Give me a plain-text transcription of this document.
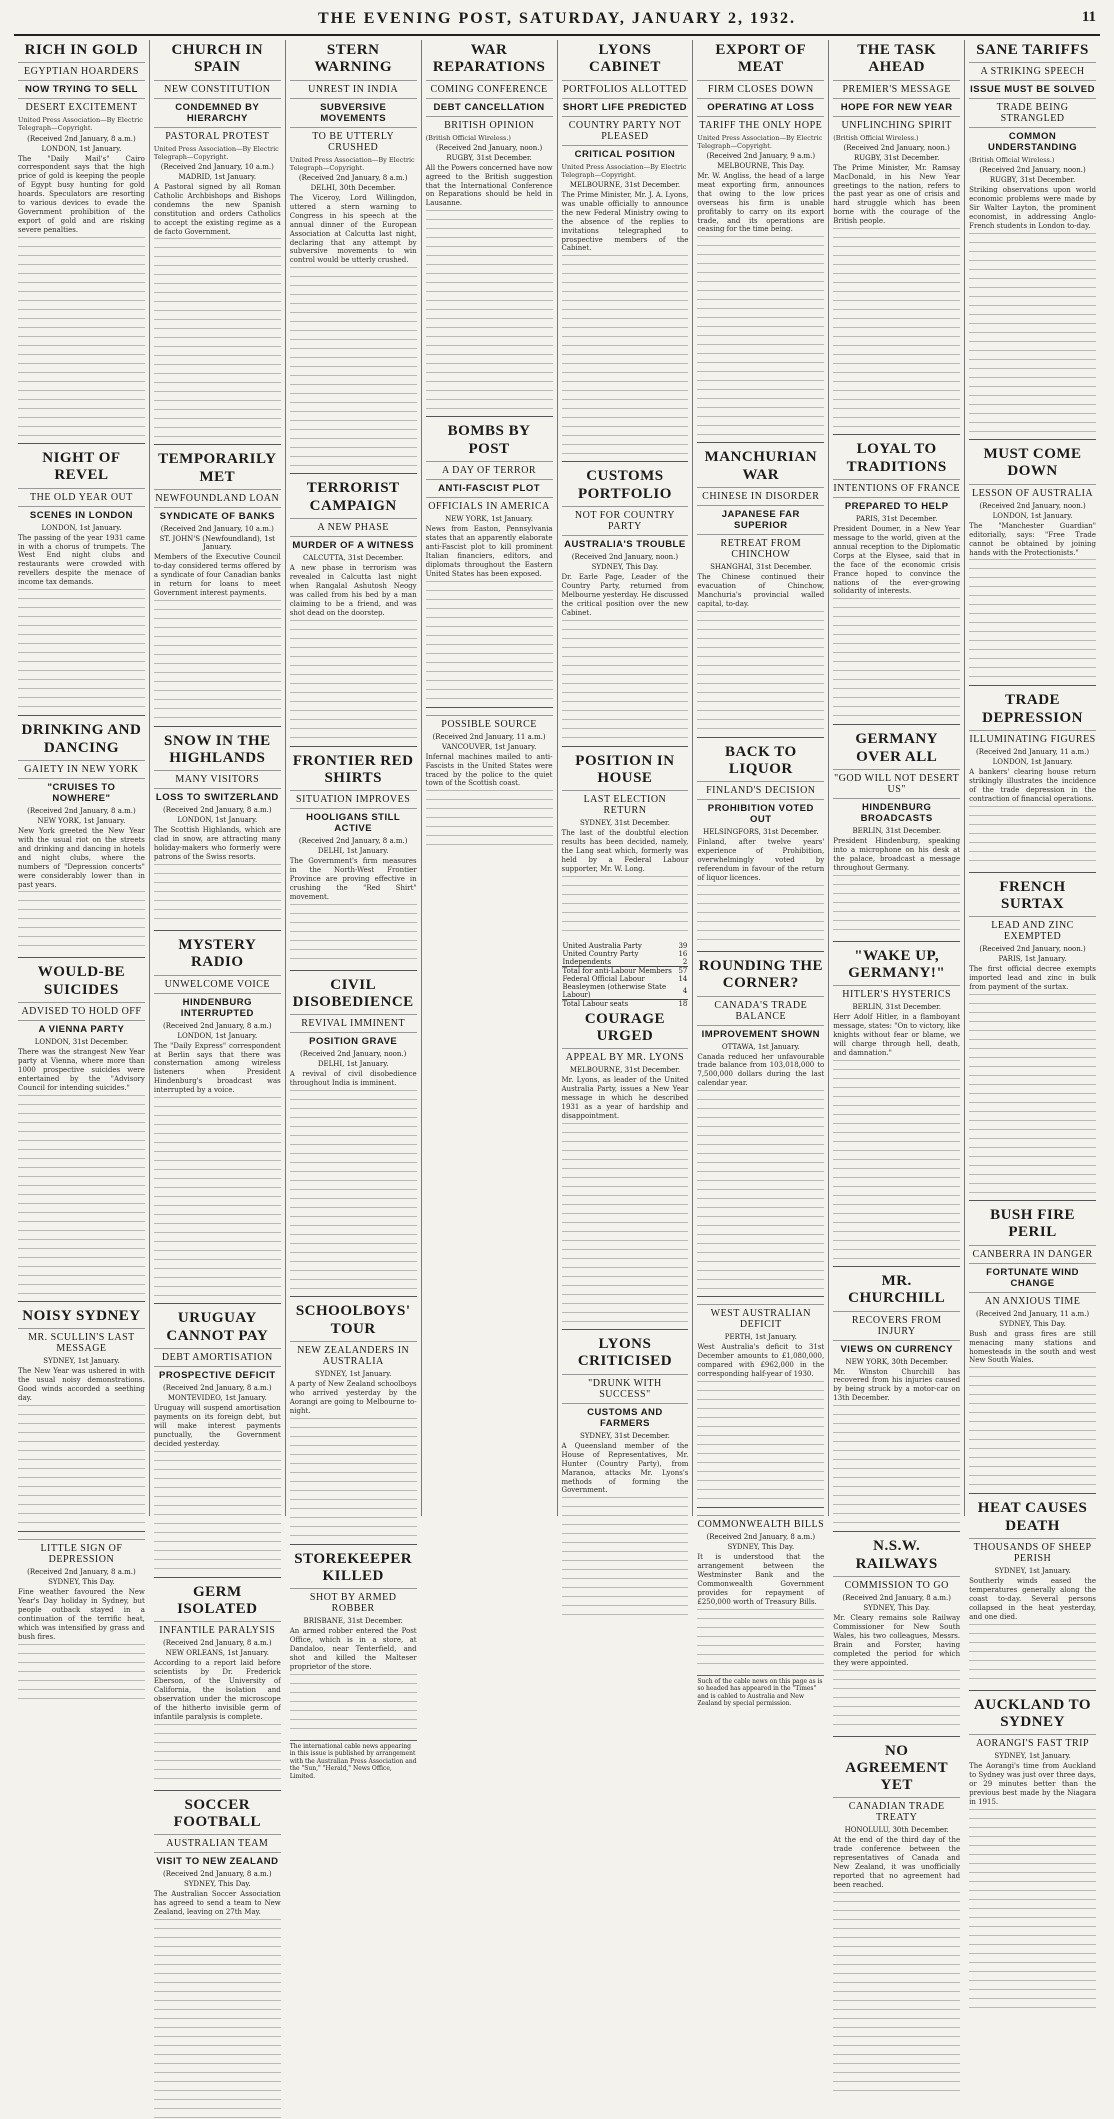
THE EVENING POST, SATURDAY, JANUARY 2, 1932.	11
RICH IN GOLD
EGYPTIAN HOARDERS
NOW TRYING TO SELL
DESERT EXCITEMENT
United Press Association—By Electric Telegraph—Copyright.
(Received 2nd January, 8 a.m.)
LONDON, 1st January.

The "Daily Mail's" Cairo correspondent says that the high price of gold is keeping the people of Egypt busy hunting for gold hoards. Speculators are resorting to various devices to evade the Government prohibition of the export of gold and are risking severe penalties.

NIGHT OF REVEL
THE OLD YEAR OUT
SCENES IN LONDON
LONDON, 1st January.

The passing of the year 1931 came in with a chorus of trumpets. The West End night clubs and restaurants were crowded with revellers despite the menace of income tax demands.

DRINKING AND DANCING
GAIETY IN NEW YORK
"CRUISES TO NOWHERE"
(Received 2nd January, 8 a.m.)
NEW YORK, 1st January.

New York greeted the New Year with the usual riot on the streets and drinking and dancing in hotels and night clubs, where the numbers of "Depression concerts" were considerably lower than in past years.

WOULD-BE SUICIDES
ADVISED TO HOLD OFF
A VIENNA PARTY
LONDON, 31st December.

There was the strangest New Year party at Vienna, where more than 1000 prospective suicides were entertained by the "Advisory Council for intending suicides."

NOISY SYDNEY
MR. SCULLIN'S LAST MESSAGE
SYDNEY, 1st January.

The New Year was ushered in with the usual noisy demonstrations. Good winds accorded a seething day.

LITTLE SIGN OF DEPRESSION
(Received 2nd January, 8 a.m.)
SYDNEY, This Day.

Fine weather favoured the New Year's Day holiday in Sydney, but people outback stayed in a continuation of the terrific heat, which was intensified by grass and bush fires.

CHURCH IN SPAIN
NEW CONSTITUTION
CONDEMNED BY HIERARCHY
PASTORAL PROTEST
United Press Association—By Electric Telegraph—Copyright.
(Received 2nd January, 10 a.m.)
MADRID, 1st January.

A Pastoral signed by all Roman Catholic Archbishops and Bishops condemns the new Spanish constitution and orders Catholics to accept the existing regime as a de facto Government.

TEMPORARILY MET
NEWFOUNDLAND LOAN
SYNDICATE OF BANKS
(Received 2nd January, 10 a.m.)
ST. JOHN'S (Newfoundland), 1st January.

Members of the Executive Council to-day considered terms offered by a syndicate of four Canadian banks in return for loans to meet Government interest payments.

SNOW IN THE HIGHLANDS
MANY VISITORS
LOSS TO SWITZERLAND
(Received 2nd January, 8 a.m.)
LONDON, 1st January.

The Scottish Highlands, which are clad in snow, are attracting many holiday-makers who formerly were patrons of the Swiss resorts.

MYSTERY RADIO
UNWELCOME VOICE
HINDENBURG INTERRUPTED
(Received 2nd January, 8 a.m.)
LONDON, 1st January.

The "Daily Express" correspondent at Berlin says that there was consternation among wireless listeners when President Hindenburg's broadcast was interrupted by a voice.

URUGUAY CANNOT PAY
DEBT AMORTISATION
PROSPECTIVE DEFICIT
(Received 2nd January, 8 a.m.)
MONTEVIDEO, 1st January.

Uruguay will suspend amortisation payments on its foreign debt, but will make interest payments punctually, the Government decided yesterday.

GERM ISOLATED
INFANTILE PARALYSIS
(Received 2nd January, 8 a.m.)
NEW ORLEANS, 1st January.

According to a report laid before scientists by Dr. Frederick Eberson, of the University of California, the isolation and observation under the microscope of the hitherto invisible germ of infantile paralysis is complete.

SOCCER FOOTBALL
AUSTRALIAN TEAM
VISIT TO NEW ZEALAND
(Received 2nd January, 8 a.m.)
SYDNEY, This Day.

The Australian Soccer Association has agreed to send a team to New Zealand, leaving on 27th May.

STERN WARNING
UNREST IN INDIA
SUBVERSIVE MOVEMENTS
TO BE UTTERLY CRUSHED
United Press Association—By Electric Telegraph—Copyright.
(Received 2nd January, 8 a.m.)
DELHI, 30th December.

The Viceroy, Lord Willingdon, uttered a stern warning to Congress in his speech at the annual dinner of the European Association at Calcutta last night, declaring that any attempt by subversive movements to win control would be utterly crushed.

TERRORIST CAMPAIGN
A NEW PHASE
MURDER OF A WITNESS
CALCUTTA, 31st December.

A new phase in terrorism was revealed in Calcutta last night when Rangalal Ashutosh Neogy was called from his bed by a man claiming to be a friend, and was shot dead on the doorstep.

FRONTIER RED SHIRTS
SITUATION IMPROVES
HOOLIGANS STILL ACTIVE
(Received 2nd January, 8 a.m.)
DELHI, 1st January.

The Government's firm measures in the North-West Frontier Province are proving effective in crushing the "Red Shirt" movement.

CIVIL DISOBEDIENCE
REVIVAL IMMINENT
POSITION GRAVE
(Received 2nd January, noon.)
DELHI, 1st January.

A revival of civil disobedience throughout India is imminent.

SCHOOLBOYS' TOUR
NEW ZEALANDERS IN AUSTRALIA
SYDNEY, 1st January.

A party of New Zealand schoolboys who arrived yesterday by the Aorangi are going to Melbourne to-night.

STOREKEEPER KILLED
SHOT BY ARMED ROBBER
BRISBANE, 31st December.

An armed robber entered the Post Office, which is in a store, at Dandaloo, near Tenterfield, and shot and killed the Malteser proprietor of the store.

The international cable news appearing in this issue is published by arrangement with the Australian Press Association and the "Sun," "Herald," News Office, Limited.
WAR REPARATIONS
COMING CONFERENCE
DEBT CANCELLATION
BRITISH OPINION
(British Official Wireless.)
(Received 2nd January, noon.)
RUGBY, 31st December.

All the Powers concerned have now agreed to the British suggestion that the International Conference on Reparations should be held in Lausanne.

BOMBS BY POST
A DAY OF TERROR
ANTI-FASCIST PLOT
OFFICIALS IN AMERICA
NEW YORK, 1st January.

News from Easton, Pennsylvania states that an apparently elaborate anti-Fascist plot to kill prominent Italian financiers, editors, and diplomats throughout the Eastern United States has been exposed.

POSSIBLE SOURCE
(Received 2nd January, 11 a.m.)
VANCOUVER, 1st January.

Infernal machines mailed to anti-Fascists in the United States were traced by the police to the quiet town of the Scottish coast.

LYONS CABINET
PORTFOLIOS ALLOTTED
SHORT LIFE PREDICTED
COUNTRY PARTY NOT PLEASED
CRITICAL POSITION
United Press Association—By Electric Telegraph—Copyright.
MELBOURNE, 31st December.

The Prime Minister, Mr. J. A. Lyons, was unable officially to announce the new Federal Ministry owing to the absence of the replies to invitations telegraphed to prospective members of the Cabinet.

CUSTOMS PORTFOLIO
NOT FOR COUNTRY PARTY
AUSTRALIA'S TROUBLE
(Received 2nd January, noon.)
SYDNEY, This Day.

Dr. Earle Page, Leader of the Country Party, returned from Melbourne yesterday. He discussed the critical position over the new Cabinet.

POSITION IN HOUSE
LAST ELECTION RETURN
SYDNEY, 31st December.

The last of the doubtful election results has been decided, namely, the Lang seat which, formerly was held by a Federal Labour supporter, Mr. W. Long.

United Australia Party	39
United Country Party	16
Independents	2
Total for anti-Labour Members	57
Federal Official Labour	14
Beasleymen (otherwise State Labour)	4
Total Labour seats	18
COURAGE URGED
APPEAL BY MR. LYONS
MELBOURNE, 31st December.

Mr. Lyons, as leader of the United Australia Party, issues a New Year message in which he described 1931 as a year of hardship and disappointment.

LYONS CRITICISED
"DRUNK WITH SUCCESS"
CUSTOMS AND FARMERS
SYDNEY, 31st December.

A Queensland member of the House of Representatives, Mr. Hunter (Country Party), from Maranoa, attacks Mr. Lyons's methods of forming the Government.

EXPORT OF MEAT
FIRM CLOSES DOWN
OPERATING AT LOSS
TARIFF THE ONLY HOPE
United Press Association—By Electric Telegraph—Copyright.
(Received 2nd January, 9 a.m.)
MELBOURNE, This Day.

Mr. W. Angliss, the head of a large meat exporting firm, announces that owing to the low prices overseas his firm is unable profitably to carry on its export trade, and its operations are ceasing for the time being.

MANCHURIAN WAR
CHINESE IN DISORDER
JAPANESE FAR SUPERIOR
RETREAT FROM CHINCHOW
SHANGHAI, 31st December.

The Chinese continued their evacuation of Chinchow, Manchuria's provincial walled capital, to-day.

BACK TO LIQUOR
FINLAND'S DECISION
PROHIBITION VOTED OUT
HELSINGFORS, 31st December.

Finland, after twelve years' experience of Prohibition, overwhelmingly voted by referendum in favour of the return of liquor licences.

ROUNDING THE CORNER?
CANADA'S TRADE BALANCE
IMPROVEMENT SHOWN
OTTAWA, 1st January.

Canada reduced her unfavourable trade balance from 103,018,000 to 7,500,000 dollars during the last calendar year.

WEST AUSTRALIAN DEFICIT
PERTH, 1st January.

West Australia's deficit to 31st December amounts to £1,080,000, compared with £962,000 in the corresponding half-year of 1930.

COMMONWEALTH BILLS
(Received 2nd January, 8 a.m.)
SYDNEY, This Day.

It is understood that the arrangement between the Westminster Bank and the Commonwealth Government provides for repayment of £250,000 worth of Treasury Bills.

Such of the cable news on this page as is so headed has appeared in the "Times" and is cabled to Australia and New Zealand by special permission.
THE TASK AHEAD
PREMIER'S MESSAGE
HOPE FOR NEW YEAR
UNFLINCHING SPIRIT
(British Official Wireless.)
(Received 2nd January, noon.)
RUGBY, 31st December.

The Prime Minister, Mr. Ramsay MacDonald, in his New Year greetings to the nation, refers to the past year as one of crisis and hard struggle which has been borne with the courage of the British people.

LOYAL TO TRADITIONS
INTENTIONS OF FRANCE
PREPARED TO HELP
PARIS, 31st December.

President Doumer, in a New Year message to the world, given at the annual reception to the Diplomatic Corps at the Elysee, said that in the face of the economic crisis France hoped to convince the nations of the ever-growing solidarity of interests.

GERMANY OVER ALL
"GOD WILL NOT DESERT US"
HINDENBURG BROADCASTS
BERLIN, 31st December.

President Hindenburg, speaking into a microphone on his desk at the palace, broadcast a message throughout Germany.

"WAKE UP, GERMANY!"
HITLER'S HYSTERICS
BERLIN, 31st December.

Herr Adolf Hitler, in a flamboyant message, states: "On to victory, like knights without fear or blame, we will charge through hell, death, and damnation."

MR. CHURCHILL
RECOVERS FROM INJURY
VIEWS ON CURRENCY
NEW YORK, 30th December.

Mr. Winston Churchill has recovered from his injuries caused by being struck by a motor-car on 13th December.

N.S.W. RAILWAYS
COMMISSION TO GO
(Received 2nd January, 8 a.m.)
SYDNEY, This Day.

Mr. Cleary remains sole Railway Commissioner for New South Wales, his two colleagues, Messrs. Brain and Forster, having completed the period for which they were appointed.

NO AGREEMENT YET
CANADIAN TRADE TREATY
HONOLULU, 30th December.

At the end of the third day of the trade conference between the representatives of Canada and New Zealand, it was unofficially reported that no agreement had been reached.

SANE TARIFFS
A STRIKING SPEECH
ISSUE MUST BE SOLVED
TRADE BEING STRANGLED
COMMON UNDERSTANDING
(British Official Wireless.)
(Received 2nd January, noon.)
RUGBY, 31st December.

Striking observations upon world economic problems were made by Sir Walter Layton, the prominent economist, in addressing Anglo-French students in London to-day.

MUST COME DOWN
LESSON OF AUSTRALIA
(Received 2nd January, noon.)
LONDON, 1st January.

The "Manchester Guardian" editorially, says: "Free Trade cannot be obtained by joining hands with the Protectionists."

TRADE DEPRESSION
ILLUMINATING FIGURES
(Received 2nd January, 11 a.m.)
LONDON, 1st January.

A bankers' clearing house return strikingly illustrates the incidence of the trade depression in the contraction of financial operations.

FRENCH SURTAX
LEAD AND ZINC EXEMPTED
(Received 2nd January, noon.)
PARIS, 1st January.

The first official decree exempts imported lead and zinc in bulk from payment of the surtax.

BUSH FIRE PERIL
CANBERRA IN DANGER
FORTUNATE WIND CHANGE
AN ANXIOUS TIME
(Received 2nd January, 11 a.m.)
SYDNEY, This Day.

Bush and grass fires are still menacing many stations and homesteads in the south and west New South Wales.

HEAT CAUSES DEATH
THOUSANDS OF SHEEP PERISH
SYDNEY, 1st January.

Southerly winds eased the temperatures generally along the coast to-day. Several persons collapsed in the heat yesterday, and one died.

AUCKLAND TO SYDNEY
AORANGI'S FAST TRIP
SYDNEY, 1st January.

The Aorangi's time from Auckland to Sydney was just over three days, or 29 minutes better than the previous best made by the Niagara in 1915.
